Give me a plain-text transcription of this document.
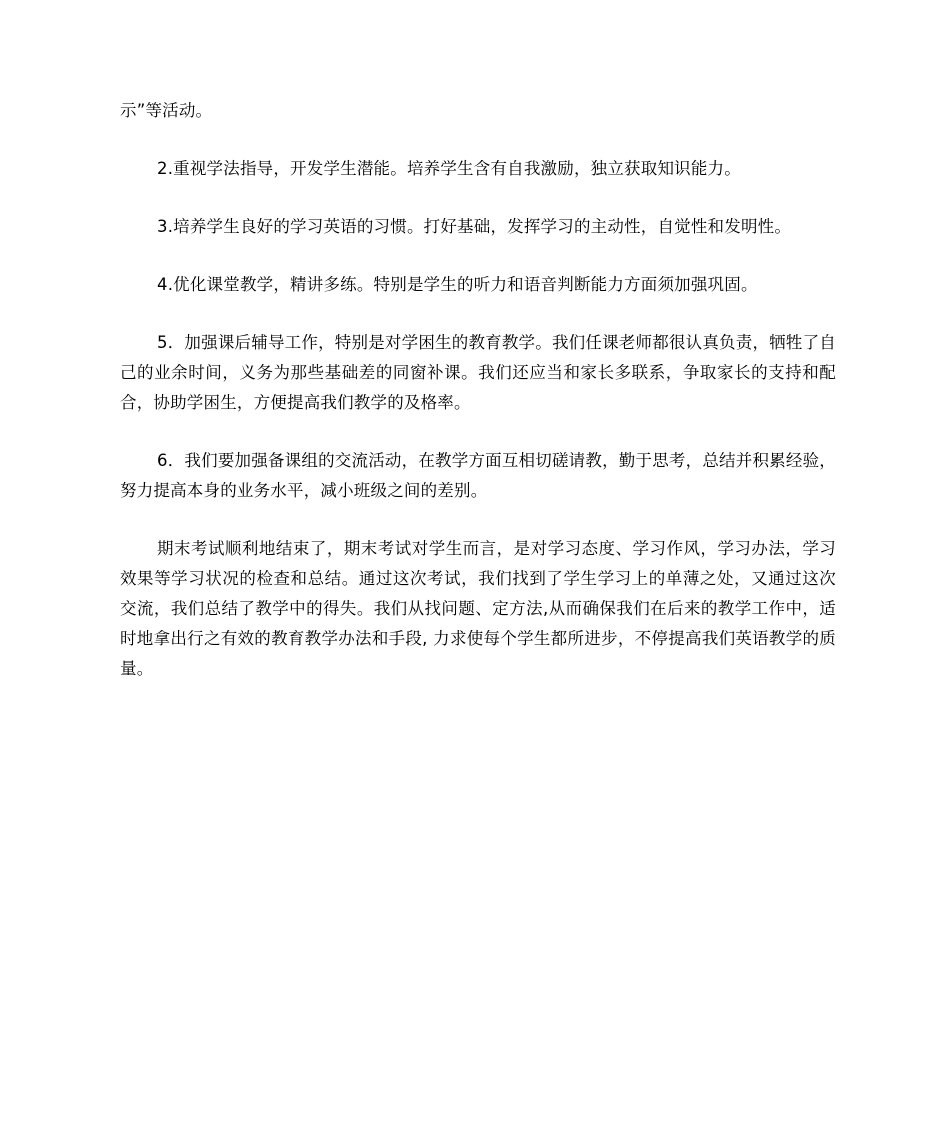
示”等活动。

2.重视学法指导，开发学生潜能。培养学生含有自我激励，独立获取知识能力。

3.培养学生良好的学习英语的习惯。打好基础，发挥学习的主动性，自觉性和发明性。

4.优化课堂教学，精讲多练。特别是学生的听力和语音判断能力方面须加强巩固。

5．加强课后辅导工作，特别是对学困生的教育教学。我们任课老师都很认真负责，牺牲了自己的业余时间，义务为那些基础差的同窗补课。我们还应当和家长多联系，争取家长的支持和配合，协助学困生，方便提高我们教学的及格率。

6．我们要加强备课组的交流活动，在教学方面互相切磋请教，勤于思考，总结并积累经验，努力提高本身的业务水平，减小班级之间的差别。

期末考试顺利地结束了，期末考试对学生而言，是对学习态度、学习作风，学习办法，学习效果等学习状况的检查和总结。通过这次考试，我们找到了学生学习上的单薄之处，又通过这次交流，我们总结了教学中的得失。我们从找问题、定方法,从而确保我们在后来的教学工作中，适时地拿出行之有效的教育教学办法和手段, 力求使每个学生都所进步，不停提高我们英语教学的质量。
